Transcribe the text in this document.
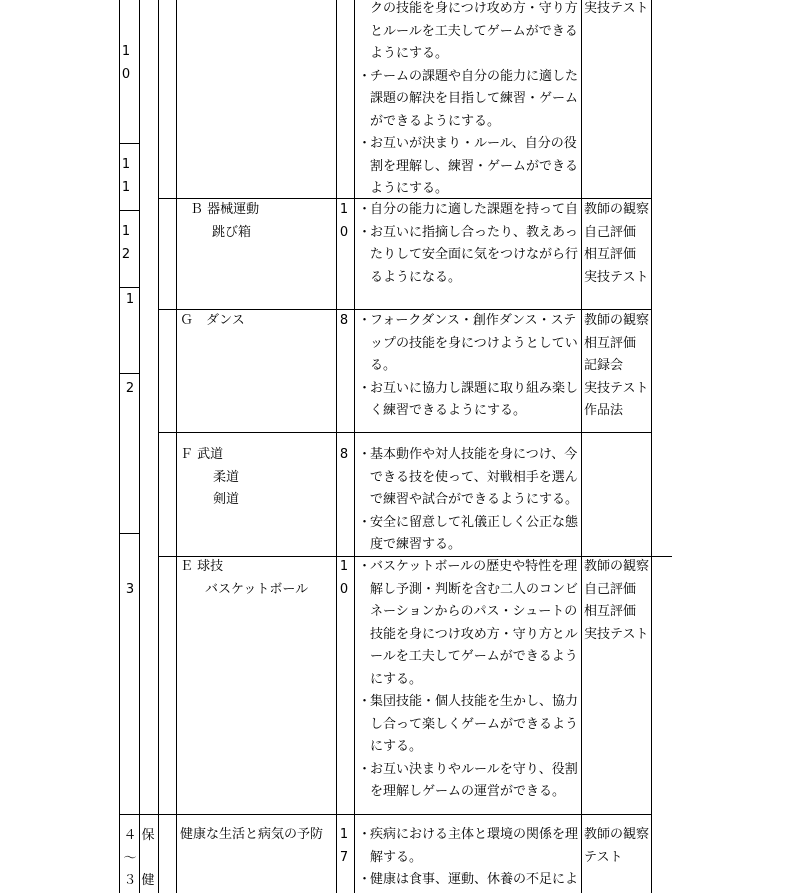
1
0
1
1
1
2
1
2
3
４
〜
３
保
健
クの技能を身につけ攻め方・守り方
とルールを工夫してゲームができる
ようにする。
・
チームの課題や自分の能力に適した
課題の解決を目指して練習・ゲーム
ができるようにする。
・
お互いが決まり・ルール、自分の役
割を理解し、練習・ゲームができる
ようにする。
実技テスト
Ｂ 器械運動
跳び箱
1
0
・
自分の能力に適した課題を持って自
・
お互いに指摘し合ったり、教えあっ
たりして安全面に気をつけながら行
るようになる。
教師の観察
自己評価
相互評価
実技テスト
Ｇ　ダンス	8 ・
フォークダンス・創作ダンス・ステ
ップの技能を身につけようとしてい
る。
・
お互いに協力し課題に取り組み楽し
く練習できるようにする。
教師の観察
相互評価
記録会
実技テスト
作品法
Ｆ 武道
柔道
剣道
8 ・
基本動作や対人技能を身につけ、今
できる技を使って、対戦相手を選ん
で練習や試合ができるようにする。
・
安全に留意して礼儀正しく公正な態
度で練習する。
Ｅ 球技
バスケットボール
1
0
・
バスケットボールの歴史や特性を理
解し予測・判断を含む二人のコンビ
ネーションからのパス・シュートの
技能を身につけ攻め方・守り方とル
ールを工夫してゲームができるよう
にする。
・
集団技能・個人技能を生かし、協力
し合って楽しくゲームができるよう
にする。
・
お互い決まりやルールを守り、役割
を理解しゲームの運営ができる。
教師の観察
自己評価
相互評価
実技テスト
健康な生活と病気の予防 1
7
・
疾病における主体と環境の関係を理
解する。
・
健康は食事、運動、休養の不足によ
教師の観察
テスト
